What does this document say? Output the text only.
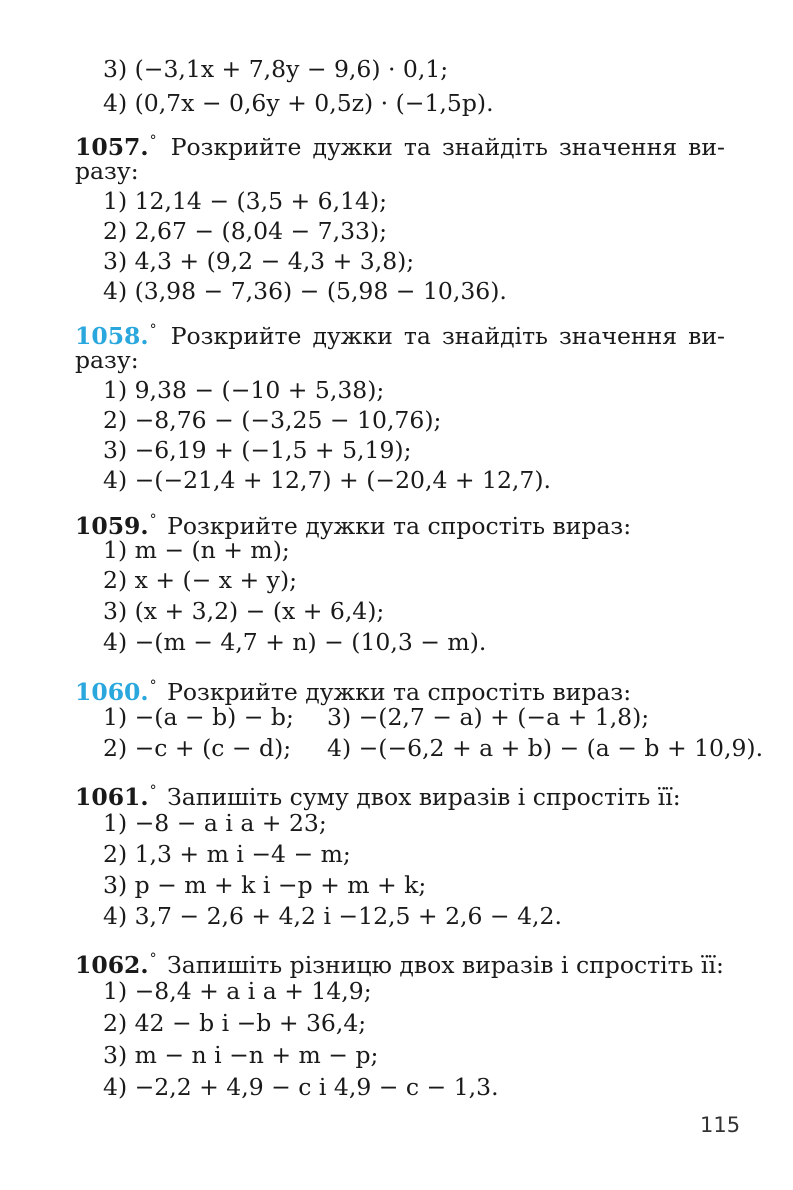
3) (−3,1x + 7,8y − 9,6) · 0,1;
4) (0,7x − 0,6y + 0,5z) · (−1,5p).
1057.° Розкрийте дужки та знайдіть значення ви-
разу:
1) 12,14 − (3,5 + 6,14);
2) 2,67 − (8,04 − 7,33);
3) 4,3 + (9,2 − 4,3 + 3,8);
4) (3,98 − 7,36) − (5,98 − 10,36).
1058.° Розкрийте дужки та знайдіть значення ви-
разу:
1) 9,38 − (−10 + 5,38);
2) −8,76 − (−3,25 − 10,76);
3) −6,19 + (−1,5 + 5,19);
4) −(−21,4 + 12,7) + (−20,4 + 12,7).
1059.° Розкрийте дужки та спростіть вираз:
1) m − (n + m);
2) x + (− x + y);
3) (x + 3,2) − (x + 6,4);
4) −(m − 4,7 + n) − (10,3 − m).
1060.° Розкрийте дужки та спростіть вираз:
1) −(a − b) − b; 3) −(2,7 − a) + (−a + 1,8);
2) −c + (c − d); 4) −(−6,2 + a + b) − (a − b + 10,9).
1061.° Запишіть суму двох виразів і спростіть її:
1) −8 − a і a + 23;
2) 1,3 + m і −4 − m;
3) p − m + k і −p + m + k;
4) 3,7 − 2,6 + 4,2 і −12,5 + 2,6 − 4,2.
1062.° Запишіть різницю двох виразів і спростіть її:
1) −8,4 + a і a + 14,9;
2) 42 − b і −b + 36,4;
3) m − n і −n + m − p;
4) −2,2 + 4,9 − c і 4,9 − c − 1,3.
115
